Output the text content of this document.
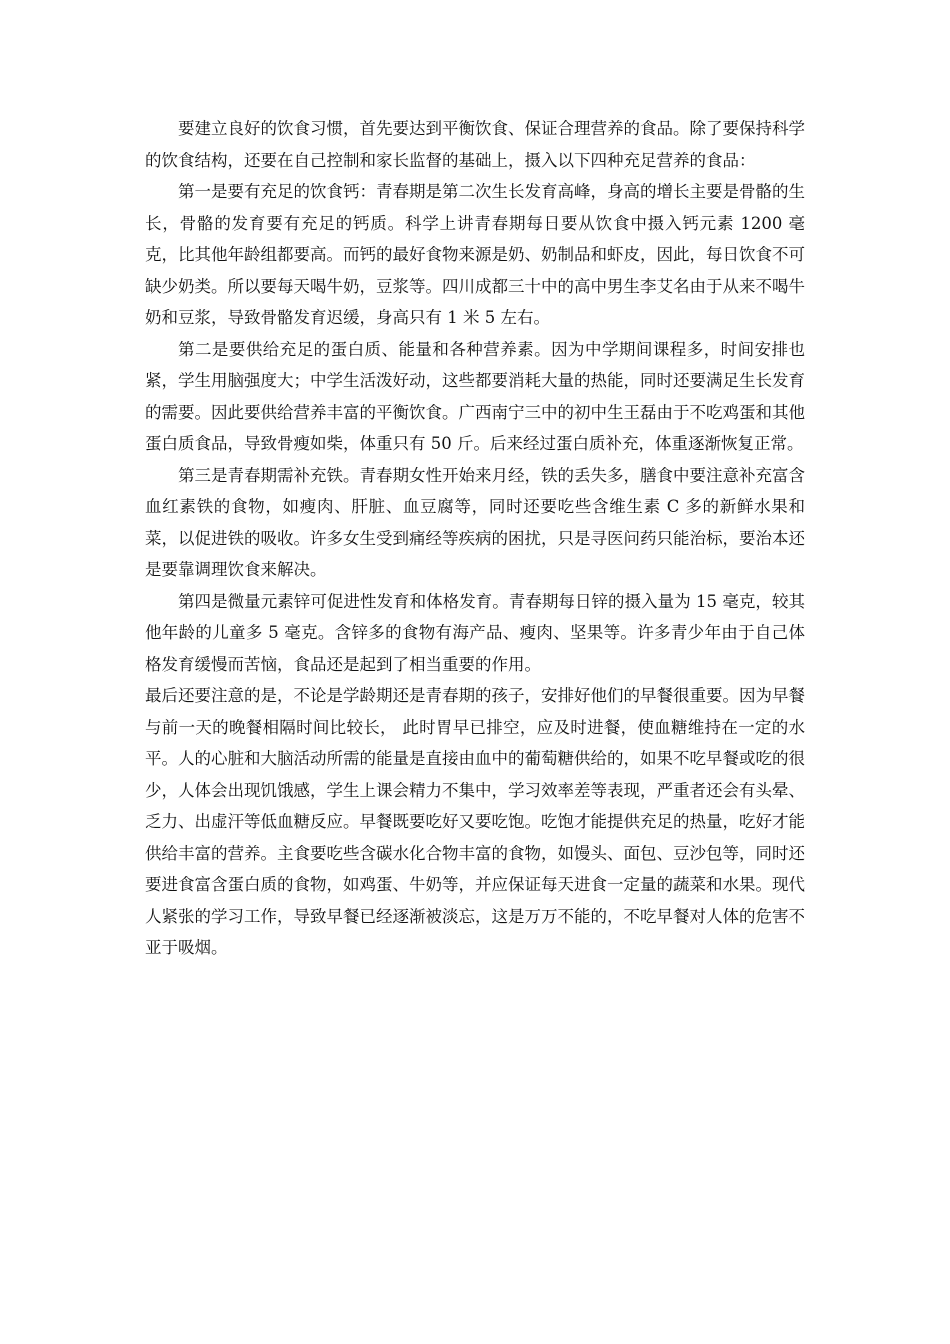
要建立良好的饮食习惯，首先要达到平衡饮食、保证合理营养的食品。除了要保持科学的饮食结构，还要在自己控制和家长监督的基础上，摄入以下四种充足营养的食品：

第一是要有充足的饮食钙：青春期是第二次生长发育高峰，身高的增长主要是骨骼的生长，骨骼的发育要有充足的钙质。科学上讲青春期每日要从饮食中摄入钙元素 1200 毫克，比其他年龄组都要高。而钙的最好食物来源是奶、奶制品和虾皮，因此，每日饮食不可缺少奶类。所以要每天喝牛奶，豆浆等。四川成都三十中的高中男生李艾名由于从来不喝牛奶和豆浆，导致骨骼发育迟缓，身高只有 1 米 5 左右。

第二是要供给充足的蛋白质、能量和各种营养素。因为中学期间课程多，时间安排也紧，学生用脑强度大；中学生活泼好动，这些都要消耗大量的热能，同时还要满足生长发育的需要。因此要供给营养丰富的平衡饮食。广西南宁三中的初中生王磊由于不吃鸡蛋和其他蛋白质食品，导致骨瘦如柴，体重只有 50 斤。后来经过蛋白质补充，体重逐渐恢复正常。

第三是青春期需补充铁。青春期女性开始来月经，铁的丢失多，膳食中要注意补充富含血红素铁的食物，如瘦肉、肝脏、血豆腐等，同时还要吃些含维生素 C 多的新鲜水果和菜，以促进铁的吸收。许多女生受到痛经等疾病的困扰，只是寻医问药只能治标，要治本还是要靠调理饮食来解决。

第四是微量元素锌可促进性发育和体格发育。青春期每日锌的摄入量为 15 毫克，较其他年龄的儿童多 5 毫克。含锌多的食物有海产品、瘦肉、坚果等。许多青少年由于自己体格发育缓慢而苦恼，食品还是起到了相当重要的作用。

最后还要注意的是，不论是学龄期还是青春期的孩子，安排好他们的早餐很重要。因为早餐与前一天的晚餐相隔时间比较长， 此时胃早已排空，应及时进餐，使血糖维持在一定的水平。人的心脏和大脑活动所需的能量是直接由血中的葡萄糖供给的，如果不吃早餐或吃的很少，人体会出现饥饿感，学生上课会精力不集中，学习效率差等表现，严重者还会有头晕、乏力、出虚汗等低血糖反应。早餐既要吃好又要吃饱。吃饱才能提供充足的热量，吃好才能供给丰富的营养。主食要吃些含碳水化合物丰富的食物，如馒头、面包、豆沙包等，同时还要进食富含蛋白质的食物，如鸡蛋、牛奶等，并应保证每天进食一定量的蔬菜和水果。现代人紧张的学习工作，导致早餐已经逐渐被淡忘，这是万万不能的，不吃早餐对人体的危害不亚于吸烟。
